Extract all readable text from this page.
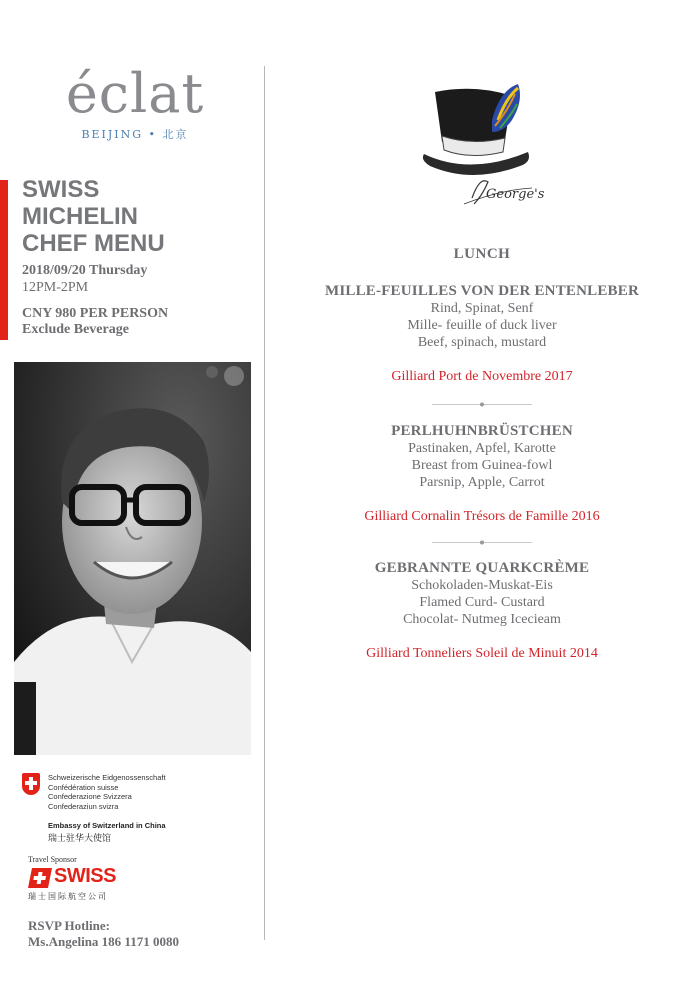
éclat
BEIJING • 北京
SWISS
MICHELIN
CHEF MENU
2018/09/20 Thursday
12PM-2PM
CNY 980 PER PERSON
Exclude Beverage
Schweizerische Eidgenossenschaft
Confédération suisse
Confederazione Svizzera
Confederaziun svizra
Embassy of Switzerland in China
瑞士驻华大使馆
Travel Sponsor
SWISS
瑞士国际航空公司
RSVP Hotline:
Ms.Angelina 186 1171 0080
George's
LUNCH
MILLE-FEUILLES VON DER ENTENLEBER
Rind, Spinat, Senf
Mille- feuille of duck liver
Beef, spinach, mustard
Gilliard Port de Novembre 2017
PERLHUHNBRÜSTCHEN
Pastinaken, Apfel, Karotte
Breast from Guinea-fowl
Parsnip, Apple, Carrot
Gilliard Cornalin Trésors de Famille 2016
GEBRANNTE QUARKCRÈME
Schokoladen-Muskat-Eis
Flamed Curd- Custard
Chocolat- Nutmeg Icecieam
Gilliard Tonneliers Soleil de Minuit 2014
